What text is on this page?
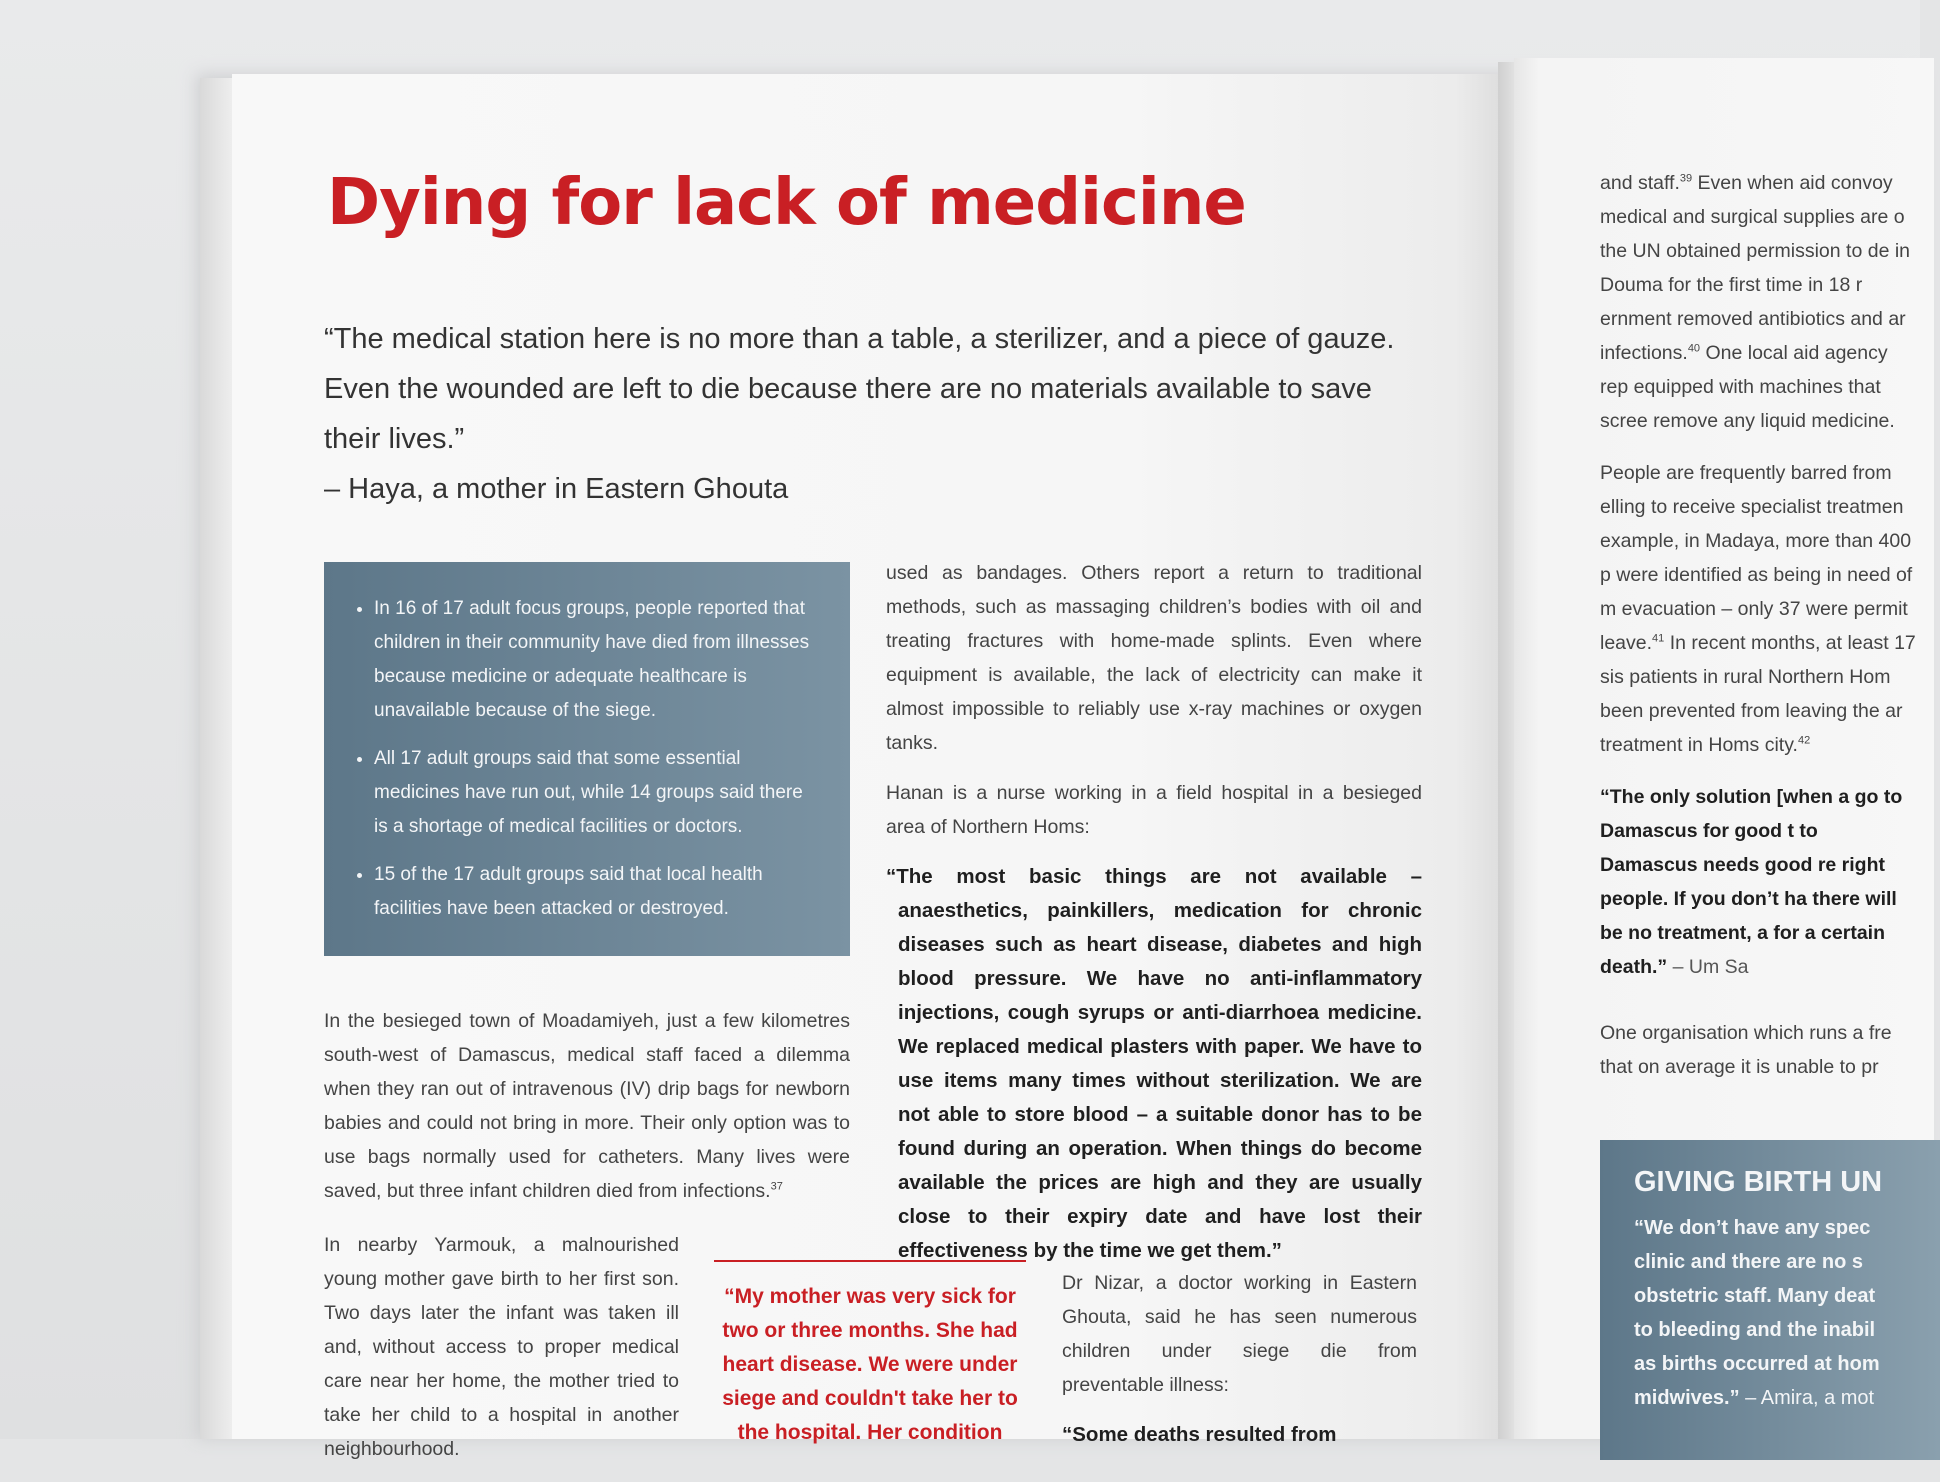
Dying for lack of medicine
“The medical station here is no more than a table, a sterilizer, and a piece of gauze. Even the wounded are left to die because there are no materials available to save their lives.”
– Haya, a mother in Eastern Ghouta
• In 16 of 17 adult focus groups, people reported that children in their community have died from illnesses because medicine or adequate healthcare is unavailable because of the siege.
• All 17 adult groups said that some essential medicines have run out, while 14 groups said there is a shortage of medical facilities or doctors.
• 15 of the 17 adult groups said that local health facilities have been attacked or destroyed.

used as bandages. Others report a return to traditional methods, such as massaging children’s bodies with oil and treating fractures with home-made splints. Even where equipment is available, the lack of electricity can make it almost impossible to reliably use x-ray machines or oxygen tanks.

Hanan is a nurse working in a field hospital in a besieged area of Northern Homs:

“The most basic things are not available – anaesthetics, painkillers, medication for chronic diseases such as heart disease, diabetes and high blood pressure. We have no anti-inflammatory injections, cough syrups or anti-diarrhoea medicine. We replaced medical plasters with paper. We have to use items many times without sterilization. We are not able to store blood – a suitable donor has to be found during an operation. When things do become available the prices are high and they are usually close to their expiry date and have lost their effectiveness by the time we get them.”

In the besieged town of Moadamiyeh, just a few kilometres south-west of Damascus, medical staff faced a dilemma when they ran out of intravenous (IV) drip bags for newborn babies and could not bring in more. Their only option was to use bags normally used for catheters. Many lives were saved, but three infant children died from infections.$^{37}$

In nearby Yarmouk, a malnourished young mother gave birth to her first son. Two days later the infant was taken ill and, without access to proper medical care near her home, the mother tried to take her child to a hospital in another neighbourhood.

“My mother was very sick for two or three months. She had heart disease. We were under siege and couldn't take her to the hospital. Her condition

Dr Nizar, a doctor working in Eastern Ghouta, said he has seen numerous children under siege die from preventable illness:

“Some deaths resulted from

and staff.$^{39}$ Even when aid convoy medical and surgical supplies are o the UN obtained permission to de in Douma for the first time in 18 r ernment removed antibiotics and ar infections.$^{40}$ One local aid agency rep equipped with machines that scree remove any liquid medicine.

People are frequently barred from elling to receive specialist treatmen example, in Madaya, more than 400 p were identified as being in need of m evacuation – only 37 were permit leave.$^{41}$ In recent months, at least 17 sis patients in rural Northern Hom been prevented from leaving the ar treatment in Homs city.$^{42}$

“The only solution [when a go to Damascus for good t to Damascus needs good re right people. If you don’t ha there will be no treatment, a for a certain death.” – Um Sa

One organisation which runs a fre that on average it is unable to pr

GIVING BIRTH UN

“We don’t have any spec

clinic and there are no s

obstetric staff. Many deat

to bleeding and the inabil

as births occurred at hom

midwives.” – Amira, a mot
